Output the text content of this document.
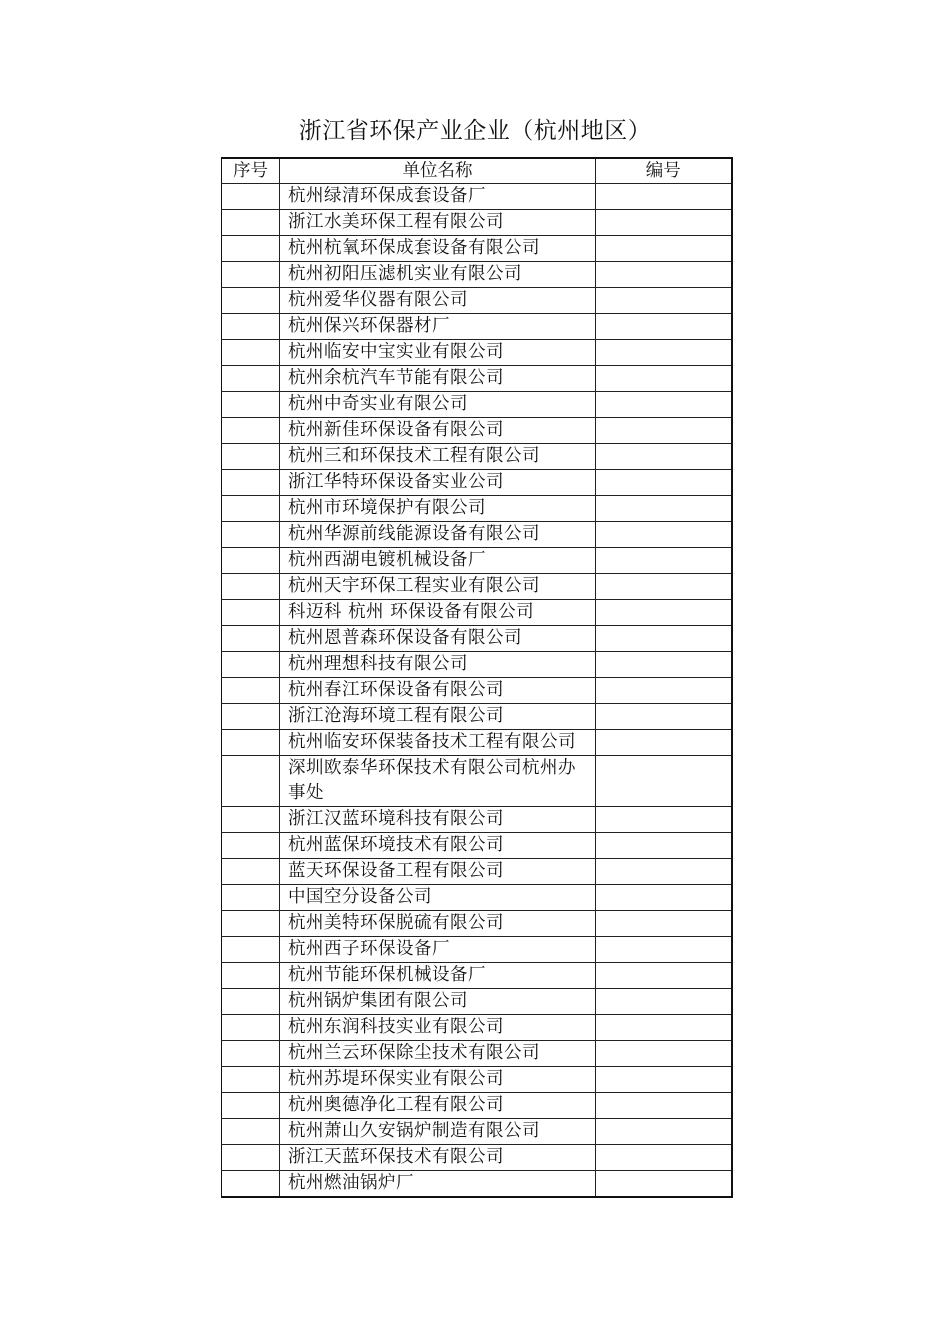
浙江省环保产业企业（杭州地区）
序号	单位名称	编号
	杭州绿清环保成套设备厂	
	浙江水美环保工程有限公司	
	杭州杭氧环保成套设备有限公司	
	杭州初阳压滤机实业有限公司	
	杭州爱华仪器有限公司	
	杭州保兴环保器材厂	
	杭州临安中宝实业有限公司	
	杭州余杭汽车节能有限公司	
	杭州中奇实业有限公司	
	杭州新佳环保设备有限公司	
	杭州三和环保技术工程有限公司	
	浙江华特环保设备实业公司	
	杭州市环境保护有限公司	
	杭州华源前线能源设备有限公司	
	杭州西湖电镀机械设备厂	
	杭州天宇环保工程实业有限公司	
	科迈科 杭州 环保设备有限公司	
	杭州恩普森环保设备有限公司	
	杭州理想科技有限公司	
	杭州春江环保设备有限公司	
	浙江沧海环境工程有限公司	
	杭州临安环保装备技术工程有限公司	
	深圳欧泰华环保技术有限公司杭州办事处	
	浙江汉蓝环境科技有限公司	
	杭州蓝保环境技术有限公司	
	蓝天环保设备工程有限公司	
	中国空分设备公司	
	杭州美特环保脱硫有限公司	
	杭州西子环保设备厂	
	杭州节能环保机械设备厂	
	杭州锅炉集团有限公司	
	杭州东润科技实业有限公司	
	杭州兰云环保除尘技术有限公司	
	杭州苏堤环保实业有限公司	
	杭州奥德净化工程有限公司	
	杭州萧山久安锅炉制造有限公司	
	浙江天蓝环保技术有限公司	
	杭州燃油锅炉厂	
